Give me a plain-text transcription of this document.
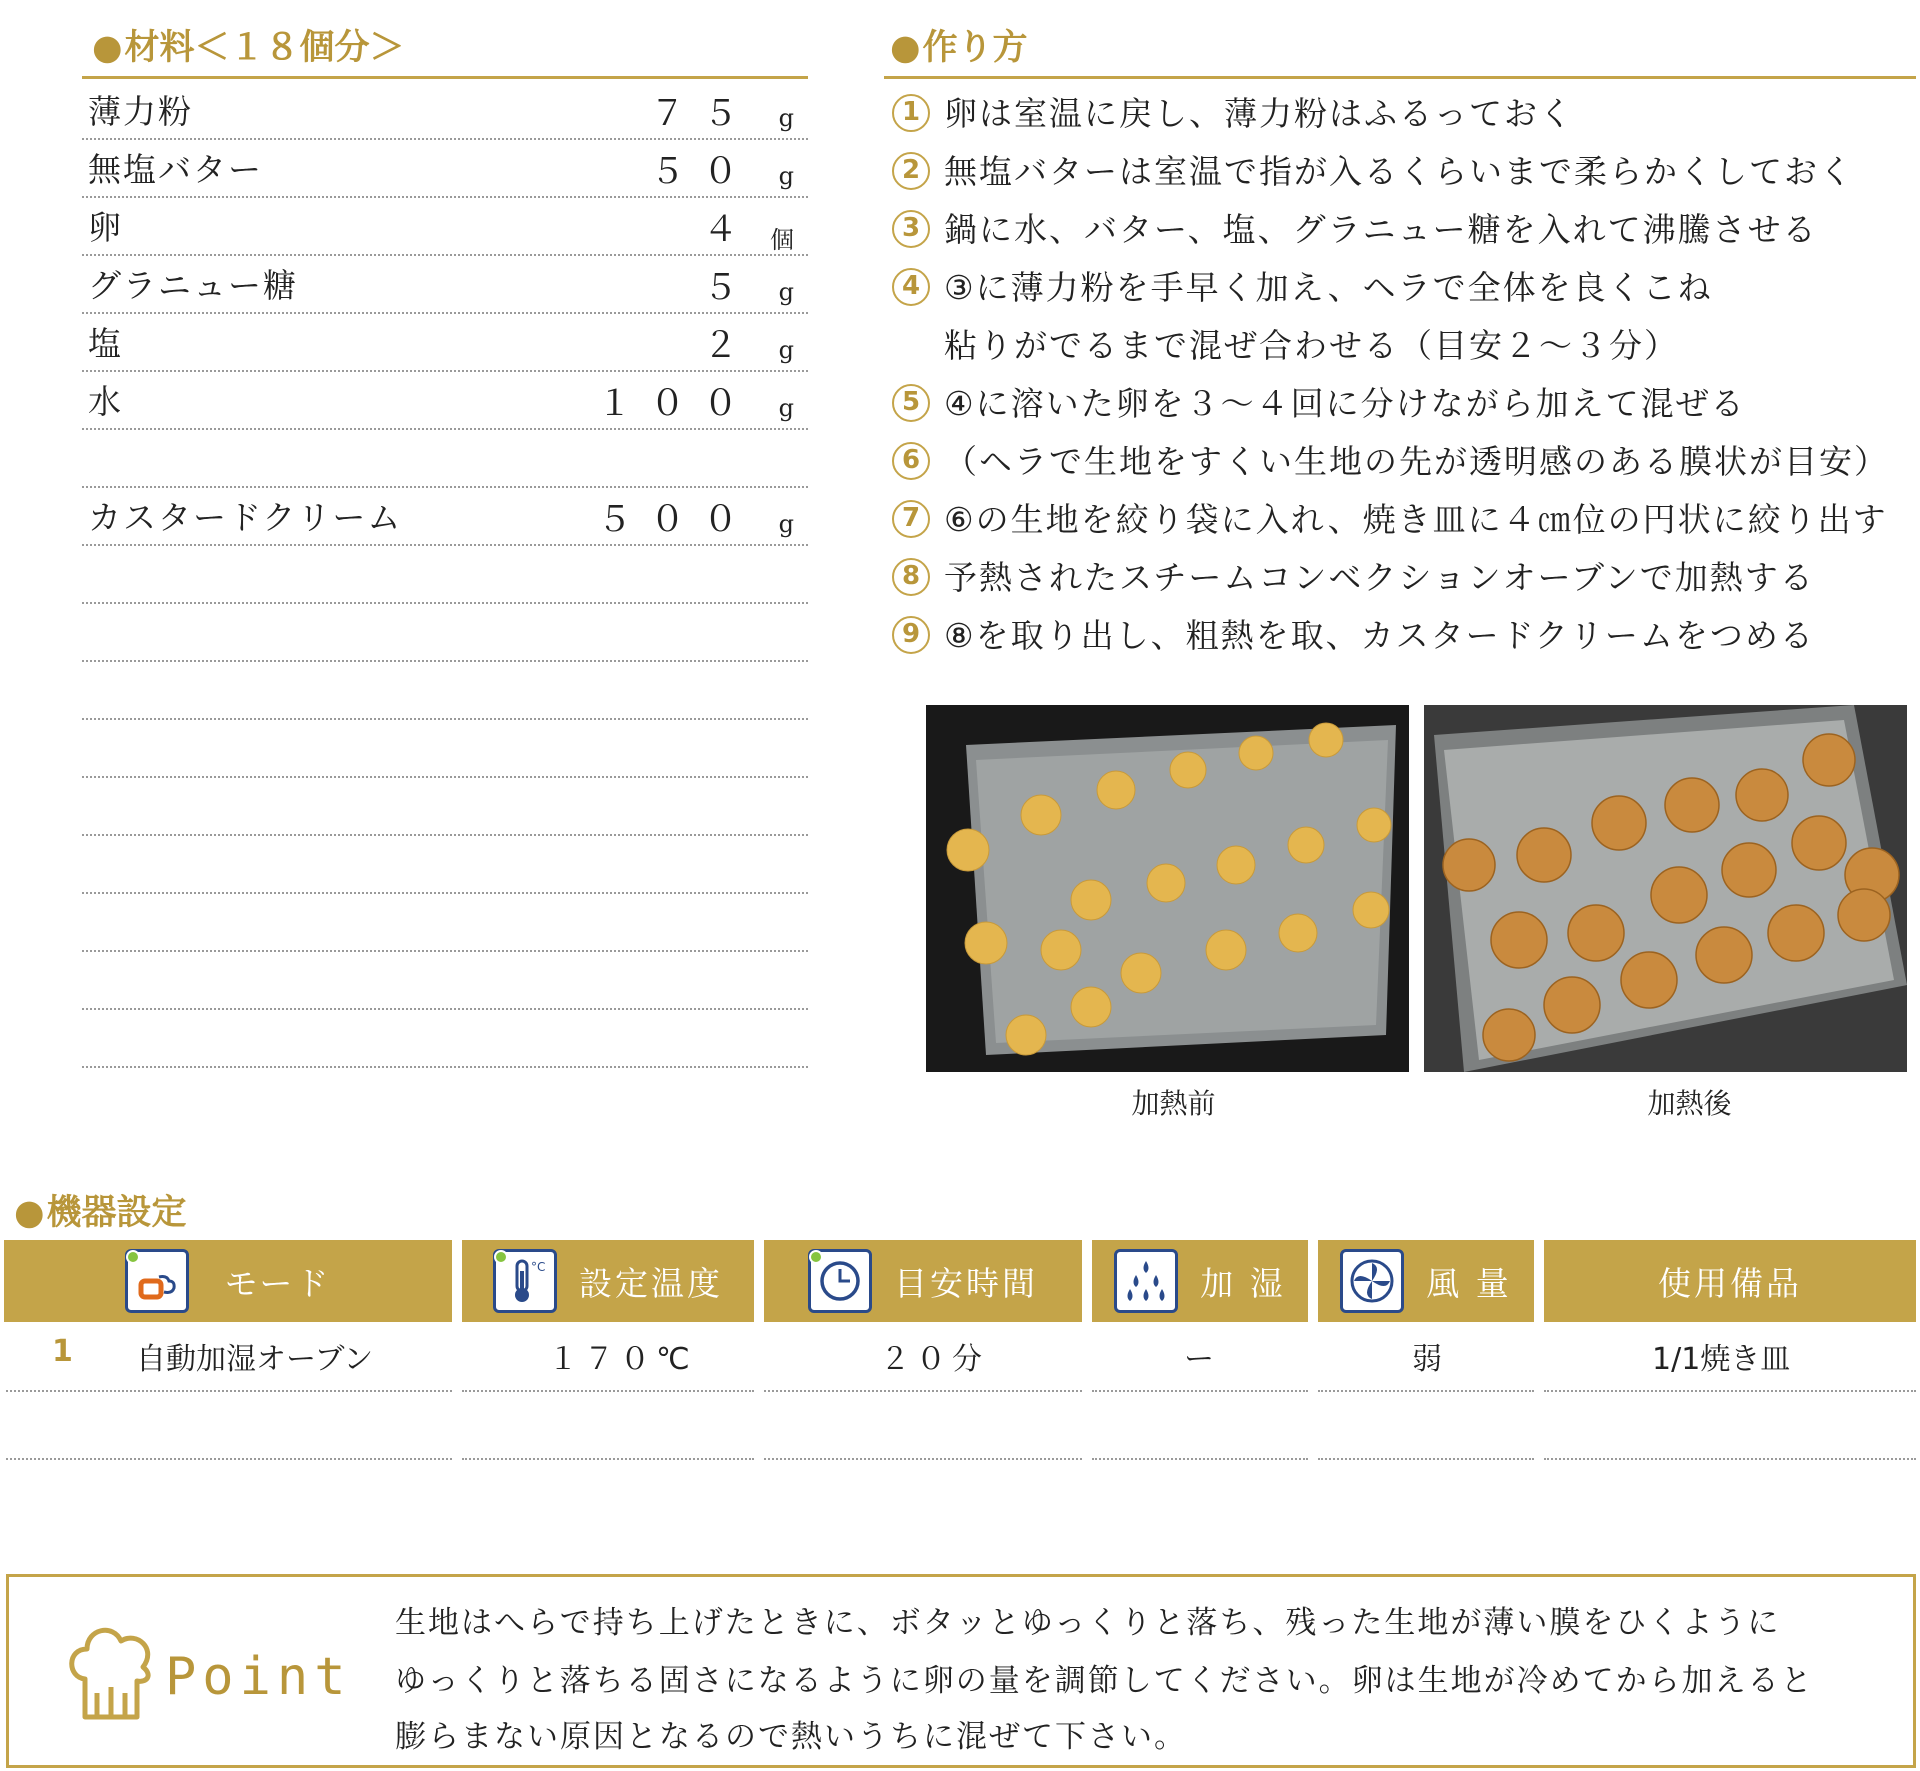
● 材料＜１８個分＞
薄力粉	７５ g
無塩バター	５０ g
卵	４ 個
グラニュー糖	５ g
塩	２ g
水	１００ g
カスタードクリーム	５００ g
● 作り方
1 卵は室温に戻し、薄力粉はふるっておく
2 無塩バターは室温で指が入るくらいまで柔らかくしておく
3 鍋に水、バター、塩、グラニュー糖を入れて沸騰させる
4 ③に薄力粉を手早く加え、ヘラで全体を良くこね
粘りがでるまで混ぜ合わせる（目安２～３分）
5 ④に溶いた卵を３～４回に分けながら加えて混ぜる
6 （ヘラで生地をすくい生地の先が透明感のある膜状が目安）
7 ⑥の生地を絞り袋に入れ、焼き皿に４㎝位の円状に絞り出す
8 予熱されたスチームコンベクションオーブンで加熱する
9 ⑧を取り出し、粗熱を取、カスタードクリームをつめる
加熱前	加熱後
● 機器設定
モード	°C 設定温度	目安時間	加 湿	風 量	使用備品
1 自動加湿オーブン	１７０℃	２０分	ー	弱	1/1焼き皿
Point
生地はへらで持ち上げたときに、ボタッとゆっくりと落ち、残った生地が薄い膜をひくように
ゆっくりと落ちる固さになるように卵の量を調節してください。卵は生地が冷めてから加えると
膨らまない原因となるので熱いうちに混ぜて下さい。
